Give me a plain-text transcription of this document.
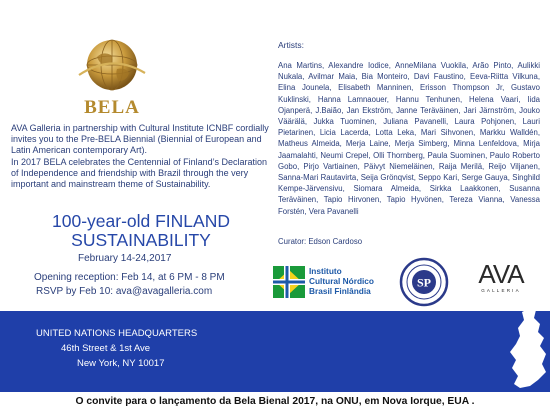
BELA
AVA Galleria in partnership with Cultural Institute ICNBF cordially invites you to the Pre-BELA Biennial (Biennial of European and Latin American contemporary Art).
In 2017 BELA celebrates the Centennial of Finland’s Declaration of Independence and friendship with Brazil through the very important and mainstream theme of Sustainability.
100-year-old FINLAND
SUSTAINABILITY
February 14-24,2017
Opening reception: Feb 14, at 6 PM - 8 PM
RSVP by Feb 10: ava@avagalleria.com
Artists:
Ana Martins, Alexandre Iodice, AnneMilana Vuokila, Arão Pinto, Aulikki Nukala, Avilmar Maia, Bia Monteiro, Davi Faustino, Eeva-Riitta Vilkuna, Elina Jounela, Elisabeth Manninen, Erisson Thompson Jr, Gustavo Kuklinski, Hanna Lamnaouer, Hannu Tenhunen, Helena Vaari, Iida Ojanperä, J.Baião, Jan Ekström, Janne Teräväinen, Jari Järnström, Jouko Väärälä, Jukka Tuominen, Juliana Pavanelli, Laura Pohjonen, Lauri Pietarinen, Licia Lacerda, Lotta Leka, Mari Sihvonen, Markku Walldén, Matheus Almeida, Merja Laine, Merja Simberg, Minna Lenfeldova, Mirja Jaamalahti, Neumi Crepel, Olli Thornberg, Paula Suominen, Paulo Roberto Gobo, Pirjo Vartiainen, Päivyt Niemeläinen, Raija Merilä, Reijo Viljanen, Sanna-Mari Rautavirta, Seija Grönqvist, Seppo Kari, Serge Gauya, Singhild Kempe-Järvensivu, Siomara Almeida, Sirkka Laakkonen, Susanna Teräväinen, Tapio Hirvonen, Tapio Hyvönen, Tereza Vianna, Vanessa Forstén, Vera Pavanelli
Curator: Edson Cardoso
Instituto
Cultural Nórdico
Brasil Finlândia
SP	AVA
GALLERIA
UNITED NATIONS HEADQUARTERS
46th Street & 1st Ave
New York, NY 10017
O convite para o lançamento da Bela Bienal 2017, na ONU, em Nova Iorque, EUA .
